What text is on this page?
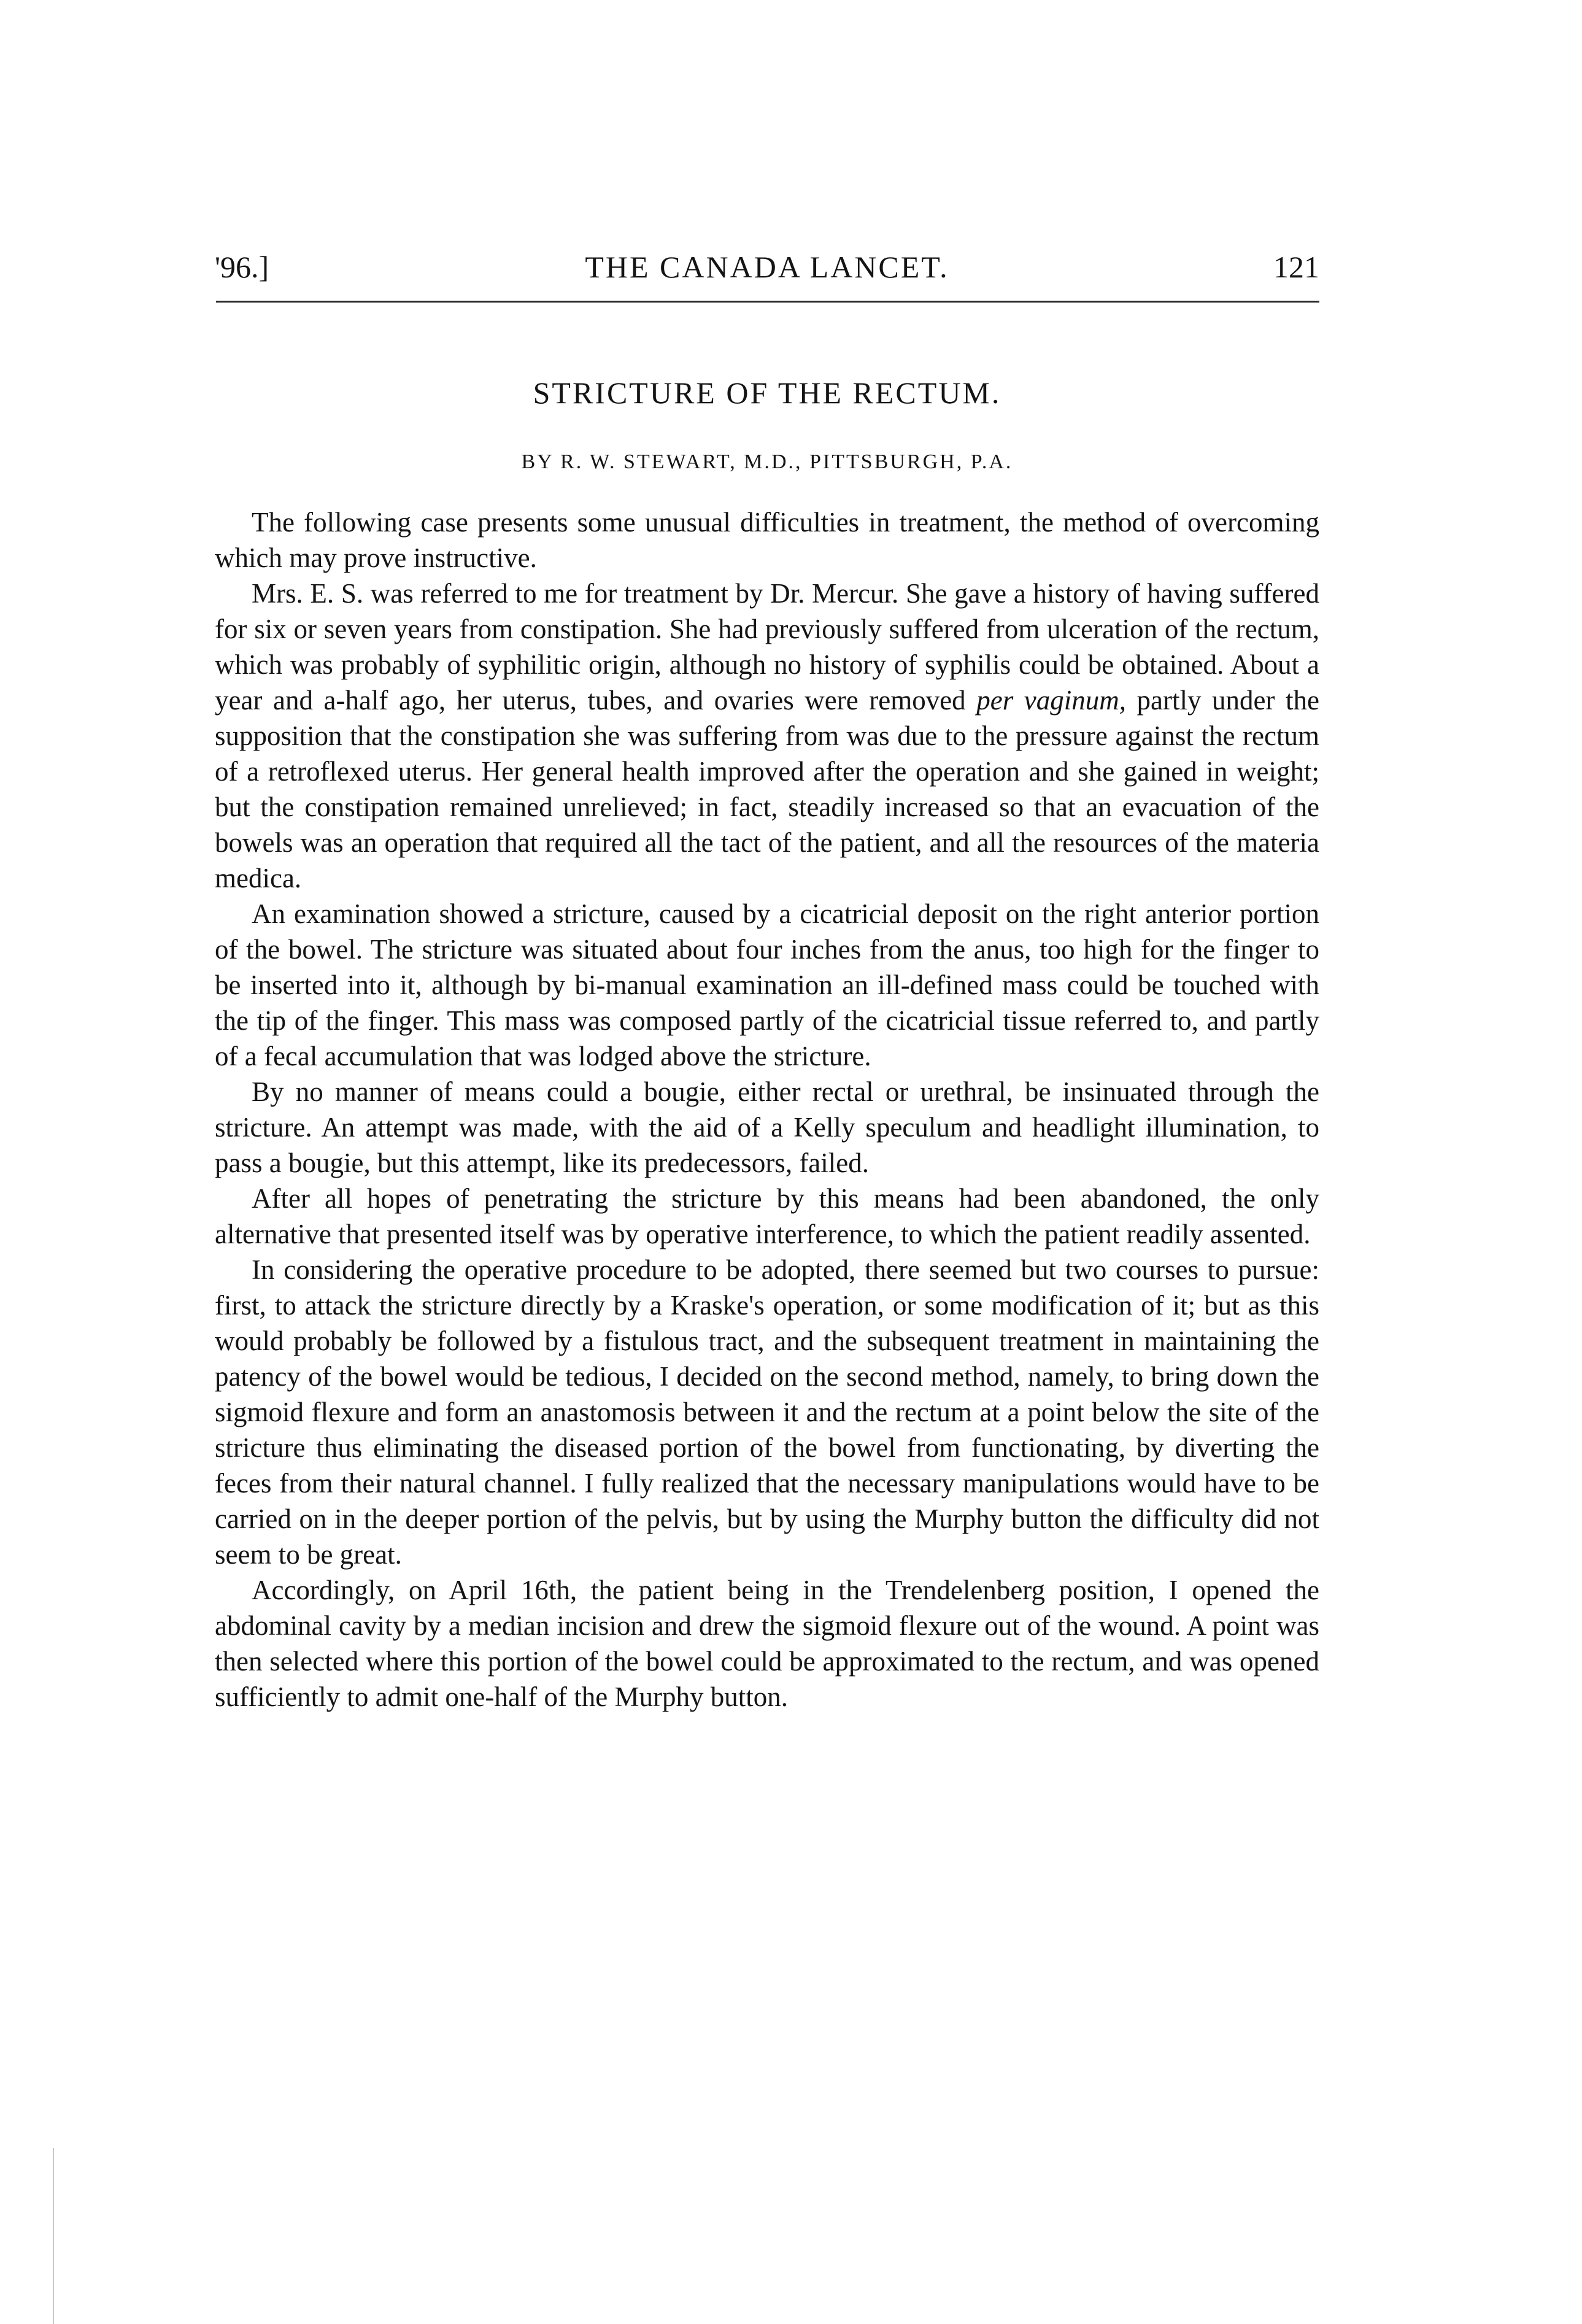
'96.]	THE CANADA LANCET.	121
STRICTURE OF THE RECTUM.
BY R. W. STEWART, M.D., PITTSBURGH, P.A.

The following case presents some unusual difficulties in treatment, the method of overcoming which may prove instructive.

Mrs. E. S. was referred to me for treatment by Dr. Mercur. She gave a history of having suffered for six or seven years from constipation. She had previously suffered from ulceration of the rectum, which was probably of syphilitic origin, although no history of syphilis could be obtained. About a year and a-half ago, her uterus, tubes, and ovaries were removed per vaginum, partly under the supposition that the constipation she was suffering from was due to the pressure against the rectum of a retroflexed uterus. Her general health improved after the operation and she gained in weight; but the constipation remained unrelieved; in fact, steadily increased so that an evacuation of the bowels was an operation that required all the tact of the patient, and all the resources of the materia medica.

An examination showed a stricture, caused by a cicatricial deposit on the right anterior portion of the bowel. The stricture was situated about four inches from the anus, too high for the finger to be inserted into it, although by bi-manual examination an ill-defined mass could be touched with the tip of the finger. This mass was composed partly of the cicatricial tissue referred to, and partly of a fecal accumulation that was lodged above the stricture.

By no manner of means could a bougie, either rectal or urethral, be insinuated through the stricture. An attempt was made, with the aid of a Kelly speculum and headlight illumination, to pass a bougie, but this attempt, like its predecessors, failed.

After all hopes of penetrating the stricture by this means had been abandoned, the only alternative that presented itself was by operative interference, to which the patient readily assented.

In considering the operative procedure to be adopted, there seemed but two courses to pursue: first, to attack the stricture directly by a Kraske's operation, or some modification of it; but as this would probably be followed by a fistulous tract, and the subsequent treatment in maintaining the patency of the bowel would be tedious, I decided on the second method, namely, to bring down the sigmoid flexure and form an anastomosis between it and the rectum at a point below the site of the stricture thus eliminating the diseased portion of the bowel from functionating, by diverting the feces from their natural channel. I fully realized that the necessary manipulations would have to be carried on in the deeper portion of the pelvis, but by using the Murphy button the difficulty did not seem to be great.

Accordingly, on April 16th, the patient being in the Trendelenberg position, I opened the abdominal cavity by a median incision and drew the sigmoid flexure out of the wound. A point was then selected where this portion of the bowel could be approximated to the rectum, and was opened sufficiently to admit one-half of the Murphy button.
